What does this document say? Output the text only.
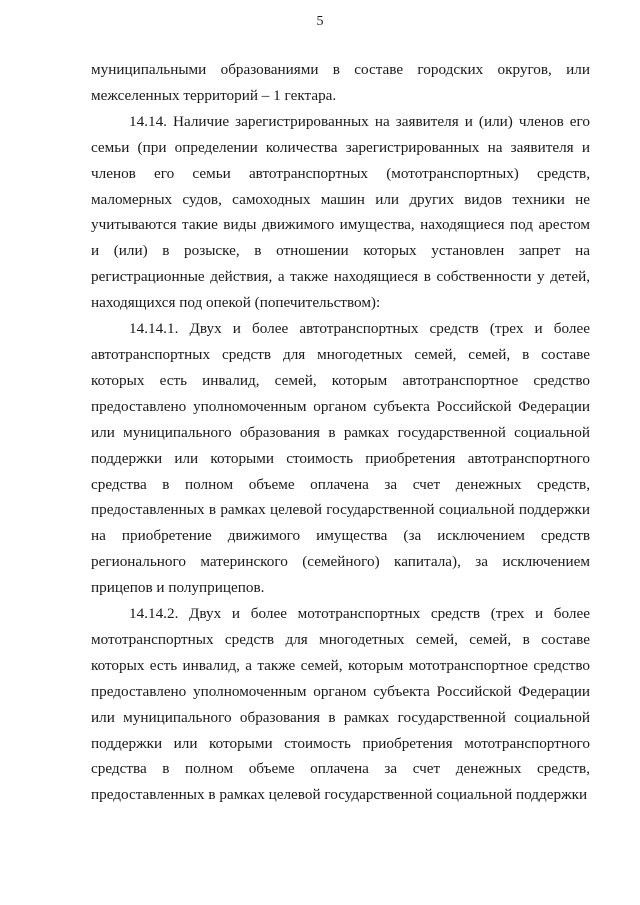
5

муниципальными образованиями в составе городских округов, или межселенных территорий – 1 гектара.

14.14. Наличие зарегистрированных на заявителя и (или) членов его семьи (при определении количества зарегистрированных на заявителя и членов его семьи автотранспортных (мототранспортных) средств, маломерных судов, самоходных машин или других видов техники не учитываются такие виды движимого имущества, находящиеся под арестом и (или) в розыске, в отношении которых установлен запрет на регистрационные действия, а также находящиеся в собственности у детей, находящихся под опекой (попечительством):

14.14.1. Двух и более автотранспортных средств (трех и более автотранспортных средств для многодетных семей, семей, в составе которых есть инвалид, семей, которым автотранспортное средство предоставлено уполномоченным органом субъекта Российской Федерации или муниципального образования в рамках государственной социальной поддержки или которыми стоимость приобретения автотранспортного средства в полном объеме оплачена за счет денежных средств, предоставленных в рамках целевой государственной социальной поддержки на приобретение движимого имущества (за исключением средств регионального материнского (семейного) капитала), за исключением прицепов и полуприцепов.

14.14.2. Двух и более мототранспортных средств (трех и более мототранспортных средств для многодетных семей, семей, в составе которых есть инвалид, а также семей, которым мототранспортное средство предоставлено уполномоченным органом субъекта Российской Федерации или муниципального образования в рамках государственной социальной поддержки или которыми стоимость приобретения мототранспортного средства в полном объеме оплачена за счет денежных средств, предоставленных в рамках целевой государственной социальной поддержки
